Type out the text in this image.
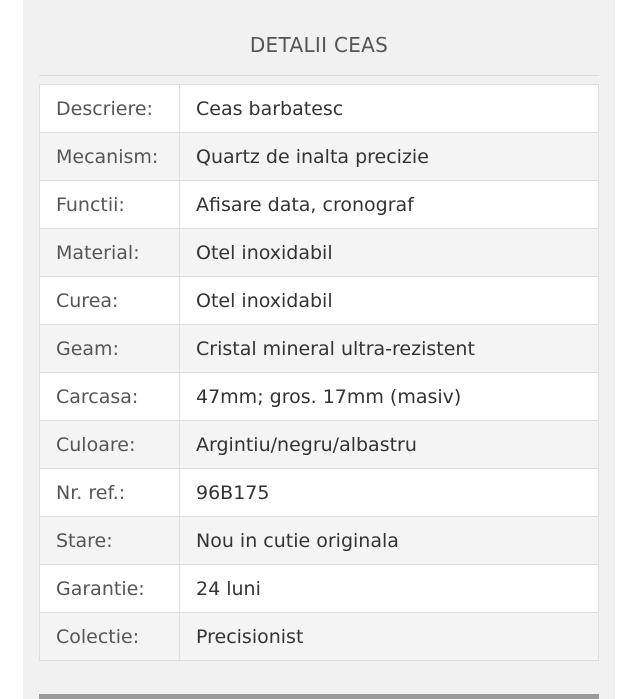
DETALII CEAS
Descriere:	Ceas barbatesc
Mecanism:	Quartz de inalta precizie
Functii:	Afisare data, cronograf
Material:	Otel inoxidabil
Curea:	Otel inoxidabil
Geam:	Cristal mineral ultra-rezistent
Carcasa:	47mm; gros. 17mm (masiv)
Culoare:	Argintiu/negru/albastru
Nr. ref.:	96B175
Stare:	Nou in cutie originala
Garantie:	24 luni
Colectie:	Precisionist
